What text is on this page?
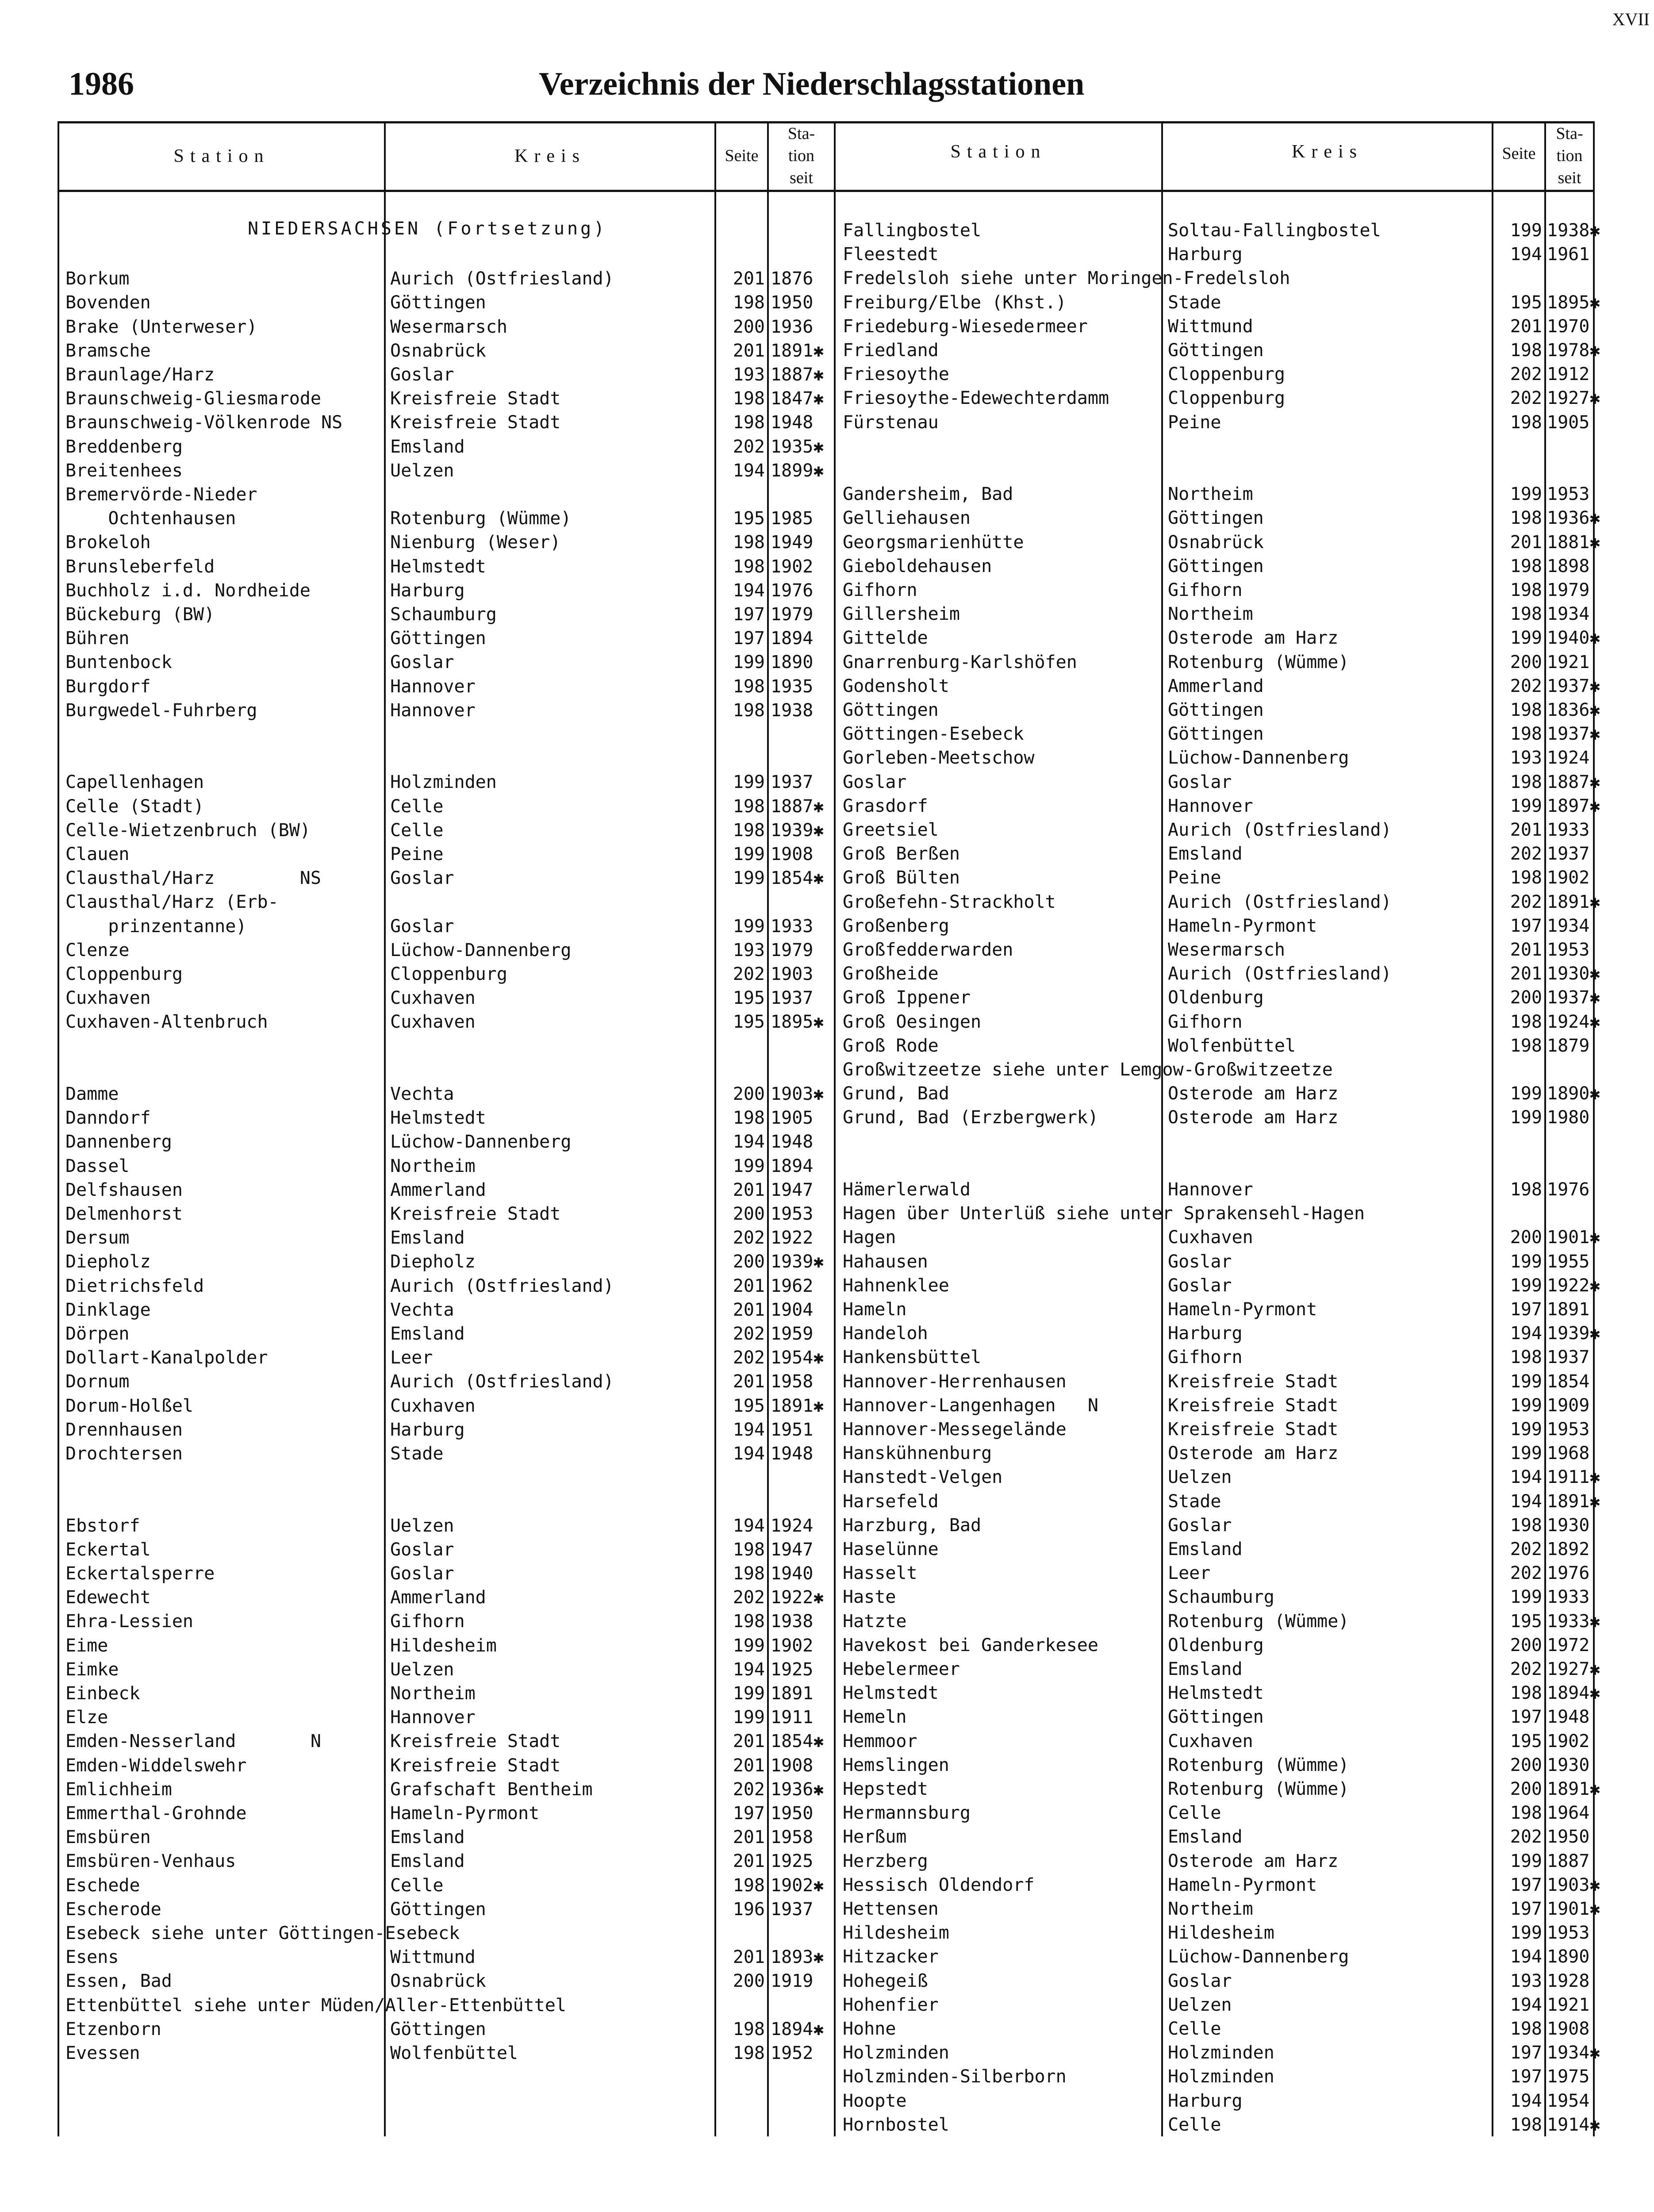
XVII
1986	Verzeichnis der Niederschlagsstationen
Station	Kreis	Seite
Sta-
tion
seit
Station	Kreis	Seite
Sta-
tion
seit
NIEDERSACHSEN (Fortsetzung)
Borkum	Aurich (Ostfriesland)	201 1876
Bovenden	Göttingen	198 1950
Brake (Unterweser)	Wesermarsch	200 1936
Bramsche	Osnabrück	201 1891✱
Braunlage/Harz	Goslar	193 1887✱
Braunschweig-Gliesmarode	Kreisfreie Stadt	198 1847✱
Braunschweig-Völkenrode NS	Kreisfreie Stadt	198 1948
Breddenberg	Emsland	202 1935✱
Breitenhees	Uelzen	194 1899✱
Bremervörde-Nieder
Ochtenhausen	Rotenburg (Wümme)	195 1985
Brokeloh	Nienburg (Weser)	198 1949
Brunsleberfeld	Helmstedt	198 1902
Buchholz i.d. Nordheide	Harburg	194 1976
Bückeburg (BW)	Schaumburg	197 1979
Bühren	Göttingen	197 1894
Buntenbock	Goslar	199 1890
Burgdorf	Hannover	198 1935
Burgwedel-Fuhrberg	Hannover	198 1938
Capellenhagen	Holzminden	199 1937
Celle (Stadt)	Celle	198 1887✱
Celle-Wietzenbruch (BW)	Celle	198 1939✱
Clauen	Peine	199 1908
Clausthal/Harz        NS	Goslar	199 1854✱
Clausthal/Harz (Erb-
prinzentanne)	Goslar	199 1933
Clenze	Lüchow-Dannenberg	193 1979
Cloppenburg	Cloppenburg	202 1903
Cuxhaven	Cuxhaven	195 1937
Cuxhaven-Altenbruch	Cuxhaven	195 1895✱
Damme	Vechta	200 1903✱
Danndorf	Helmstedt	198 1905
Dannenberg	Lüchow-Dannenberg	194 1948
Dassel	Northeim	199 1894
Delfshausen	Ammerland	201 1947
Delmenhorst	Kreisfreie Stadt	200 1953
Dersum	Emsland	202 1922
Diepholz	Diepholz	200 1939✱
Dietrichsfeld	Aurich (Ostfriesland)	201 1962
Dinklage	Vechta	201 1904
Dörpen	Emsland	202 1959
Dollart-Kanalpolder	Leer	202 1954✱
Dornum	Aurich (Ostfriesland)	201 1958
Dorum-Holßel	Cuxhaven	195 1891✱
Drennhausen	Harburg	194 1951
Drochtersen	Stade	194 1948
Ebstorf	Uelzen	194 1924
Eckertal	Goslar	198 1947
Eckertalsperre	Goslar	198 1940
Edewecht	Ammerland	202 1922✱
Ehra-Lessien	Gifhorn	198 1938
Eime	Hildesheim	199 1902
Eimke	Uelzen	194 1925
Einbeck	Northeim	199 1891
Elze	Hannover	199 1911
Emden-Nesserland       N	Kreisfreie Stadt	201 1854✱
Emden-Widdelswehr	Kreisfreie Stadt	201 1908
Emlichheim	Grafschaft Bentheim	202 1936✱
Emmerthal-Grohnde	Hameln-Pyrmont	197 1950
Emsbüren	Emsland	201 1958
Emsbüren-Venhaus	Emsland	201 1925
Eschede	Celle	198 1902✱
Escherode	Göttingen	196 1937
Esebeck siehe unter Göttingen-Esebeck
Esens	Wittmund	201 1893✱
Essen, Bad	Osnabrück	200 1919
Ettenbüttel siehe unter Müden/Aller-Ettenbüttel
Etzenborn	Göttingen	198 1894✱
Evessen	Wolfenbüttel	198 1952
Fallingbostel	Soltau-Fallingbostel	199 1938✱
Fleestedt	Harburg	194 1961
Fredelsloh siehe unter Moringen-Fredelsloh
Freiburg/Elbe (Khst.)	Stade	195 1895✱
Friedeburg-Wiesedermeer	Wittmund	201 1970
Friedland	Göttingen	198 1978✱
Friesoythe	Cloppenburg	202 1912
Friesoythe-Edewechterdamm	Cloppenburg	202 1927✱
Fürstenau	Peine	198 1905
Gandersheim, Bad	Northeim	199 1953
Gelliehausen	Göttingen	198 1936✱
Georgsmarienhütte	Osnabrück	201 1881✱
Gieboldehausen	Göttingen	198 1898
Gifhorn	Gifhorn	198 1979
Gillersheim	Northeim	198 1934
Gittelde	Osterode am Harz	199 1940✱
Gnarrenburg-Karlshöfen	Rotenburg (Wümme)	200 1921
Godensholt	Ammerland	202 1937✱
Göttingen	Göttingen	198 1836✱
Göttingen-Esebeck	Göttingen	198 1937✱
Gorleben-Meetschow	Lüchow-Dannenberg	193 1924
Goslar	Goslar	198 1887✱
Grasdorf	Hannover	199 1897✱
Greetsiel	Aurich (Ostfriesland)	201 1933
Groß Berßen	Emsland	202 1937
Groß Bülten	Peine	198 1902
Großefehn-Strackholt	Aurich (Ostfriesland)	202 1891✱
Großenberg	Hameln-Pyrmont	197 1934
Großfedderwarden	Wesermarsch	201 1953
Großheide	Aurich (Ostfriesland)	201 1930✱
Groß Ippener	Oldenburg	200 1937✱
Groß Oesingen	Gifhorn	198 1924✱
Groß Rode	Wolfenbüttel	198 1879
Großwitzeetze siehe unter Lemgow-Großwitzeetze
Grund, Bad	Osterode am Harz	199 1890✱
Grund, Bad (Erzbergwerk)	Osterode am Harz	199 1980
Hämerlerwald	Hannover	198 1976
Hagen über Unterlüß siehe unter Sprakensehl-Hagen
Hagen	Cuxhaven	200 1901✱
Hahausen	Goslar	199 1955
Hahnenklee	Goslar	199 1922✱
Hameln	Hameln-Pyrmont	197 1891
Handeloh	Harburg	194 1939✱
Hankensbüttel	Gifhorn	198 1937
Hannover-Herrenhausen	Kreisfreie Stadt	199 1854
Hannover-Langenhagen   N	Kreisfreie Stadt	199 1909
Hannover-Messegelände	Kreisfreie Stadt	199 1953
Hanskühnenburg	Osterode am Harz	199 1968
Hanstedt-Velgen	Uelzen	194 1911✱
Harsefeld	Stade	194 1891✱
Harzburg, Bad	Goslar	198 1930
Haselünne	Emsland	202 1892
Hasselt	Leer	202 1976
Haste	Schaumburg	199 1933
Hatzte	Rotenburg (Wümme)	195 1933✱
Havekost bei Ganderkesee	Oldenburg	200 1972
Hebelermeer	Emsland	202 1927✱
Helmstedt	Helmstedt	198 1894✱
Hemeln	Göttingen	197 1948
Hemmoor	Cuxhaven	195 1902
Hemslingen	Rotenburg (Wümme)	200 1930
Hepstedt	Rotenburg (Wümme)	200 1891✱
Hermannsburg	Celle	198 1964
Herßum	Emsland	202 1950
Herzberg	Osterode am Harz	199 1887
Hessisch Oldendorf	Hameln-Pyrmont	197 1903✱
Hettensen	Northeim	197 1901✱
Hildesheim	Hildesheim	199 1953
Hitzacker	Lüchow-Dannenberg	194 1890
Hohegeiß	Goslar	193 1928
Hohenfier	Uelzen	194 1921
Hohne	Celle	198 1908
Holzminden	Holzminden	197 1934✱
Holzminden-Silberborn	Holzminden	197 1975
Hoopte	Harburg	194 1954
Hornbostel	Celle	198 1914✱
